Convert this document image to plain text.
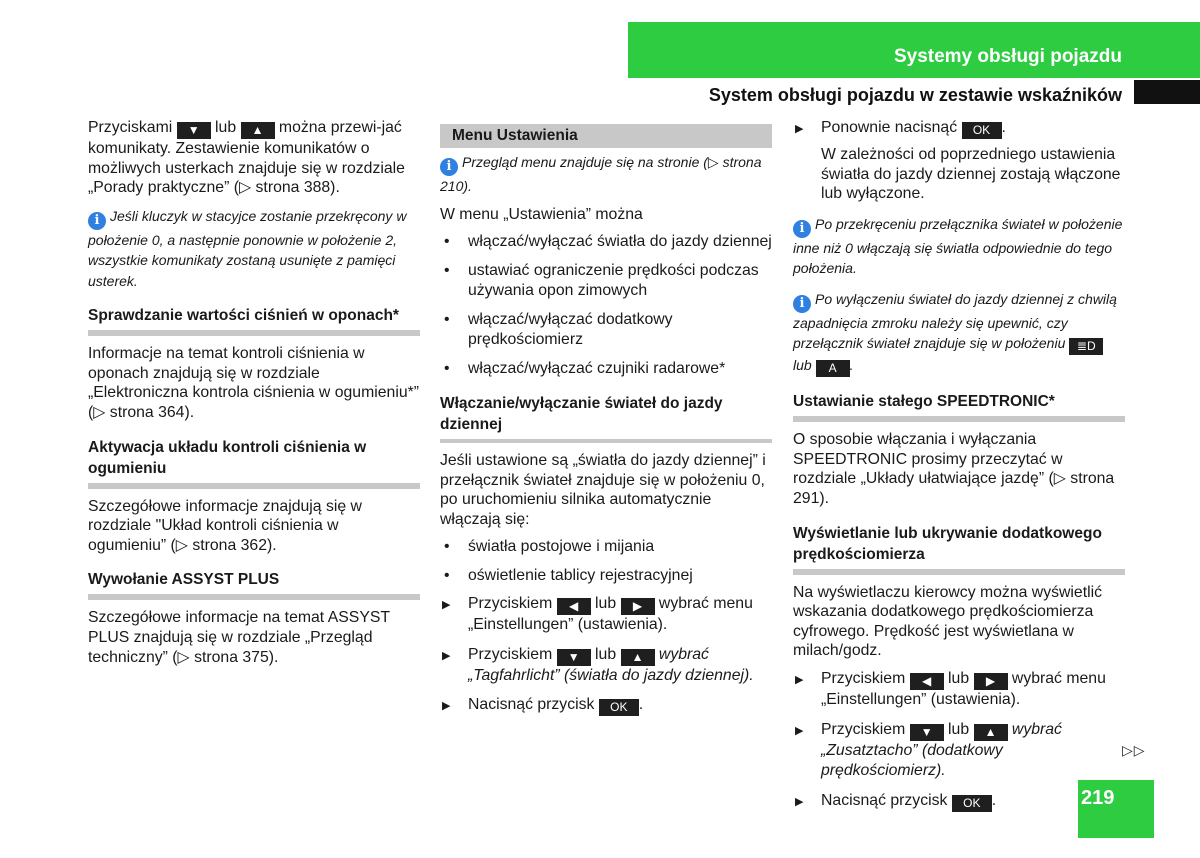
Systemy obsługi pojazdu
System obsługi pojazdu w zestawie wskaźników

Przyciskami ▼ lub ▲ można przewi-jać komunikaty. Zestawienie komunikatów o możliwych usterkach znajduje się w rozdziale „Porady praktyczne” (▷ strona 388).

i Jeśli kluczyk w stacyjce zostanie przekręcony w położenie 0, a następnie ponownie w położenie 2, wszystkie komunikaty zostaną usunięte z pamięci usterek.

Sprawdzanie wartości ciśnień w oponach*

Informacje na temat kontroli ciśnienia w oponach znajdują się w rozdziale „Elektroniczna kontrola ciśnienia w ogumieniu*” (▷ strona 364).

Aktywacja układu kontroli ciśnienia w ogumieniu

Szczegółowe informacje znajdują się w rozdziale "Układ kontroli ciśnienia w ogumieniu” (▷ strona 362).

Wywołanie ASSYST PLUS

Szczegółowe informacje na temat ASSYST PLUS znajdują się w rozdziale „Przegląd techniczny” (▷ strona 375).

Menu Ustawienia

i Przegląd menu znajduje się na stronie (▷ strona 210).

W menu „Ustawienia” można

• włączać/wyłączać światła do jazdy dziennej
• ustawiać ograniczenie prędkości podczas używania opon zimowych
• włączać/wyłączać dodatkowy prędkościomierz
• włączać/wyłączać czujniki radarowe*
Włączanie/wyłączanie świateł do jazdy dziennej

Jeśli ustawione są „światła do jazdy dziennej” i przełącznik świateł znajduje się w położeniu 0, po uruchomieniu silnika automatycznie włączają się:

• światła postojowe i mijania
• oświetlenie tablicy rejestracyjnej
▶ Przyciskiem ◀ lub ▶ wybrać menu „Einstellungen” (ustawienia).
▶ Przyciskiem ▼ lub ▲ wybrać „Tagfahrlicht” (światła do jazdy dziennej).
▶ Nacisnąć przycisk OK .
▶ Ponownie nacisnąć OK .

W zależności od poprzedniego ustawienia światła do jazdy dziennej zostają włączone lub wyłączone.

i Po przekręceniu przełącznika świateł w położenie inne niż 0 włączają się światła odpowiednie do tego położenia.

i Po wyłączeniu świateł do jazdy dziennej z chwilą zapadnięcia zmroku należy się upewnić, czy przełącznik świateł znajduje się w położeniu ≣D lub A .

Ustawianie stałego SPEEDTRONIC*

O sposobie włączania i wyłączania SPEEDTRONIC prosimy przeczytać w rozdziale „Układy ułatwiające jazdę” (▷ strona 291).

Wyświetlanie lub ukrywanie dodatkowego prędkościomierza

Na wyświetlaczu kierowcy można wyświetlić wskazania dodatkowego prędkościomierza cyfrowego. Prędkość jest wyświetlana w milach/godz.

▶ Przyciskiem ◀ lub ▶ wybrać menu „Einstellungen” (ustawienia).
▶ Przyciskiem ▼ lub ▲ wybrać „Zusatztacho” (dodatkowy prędkościomierz).
▶ Nacisnąć przycisk OK .
▷▷
219
